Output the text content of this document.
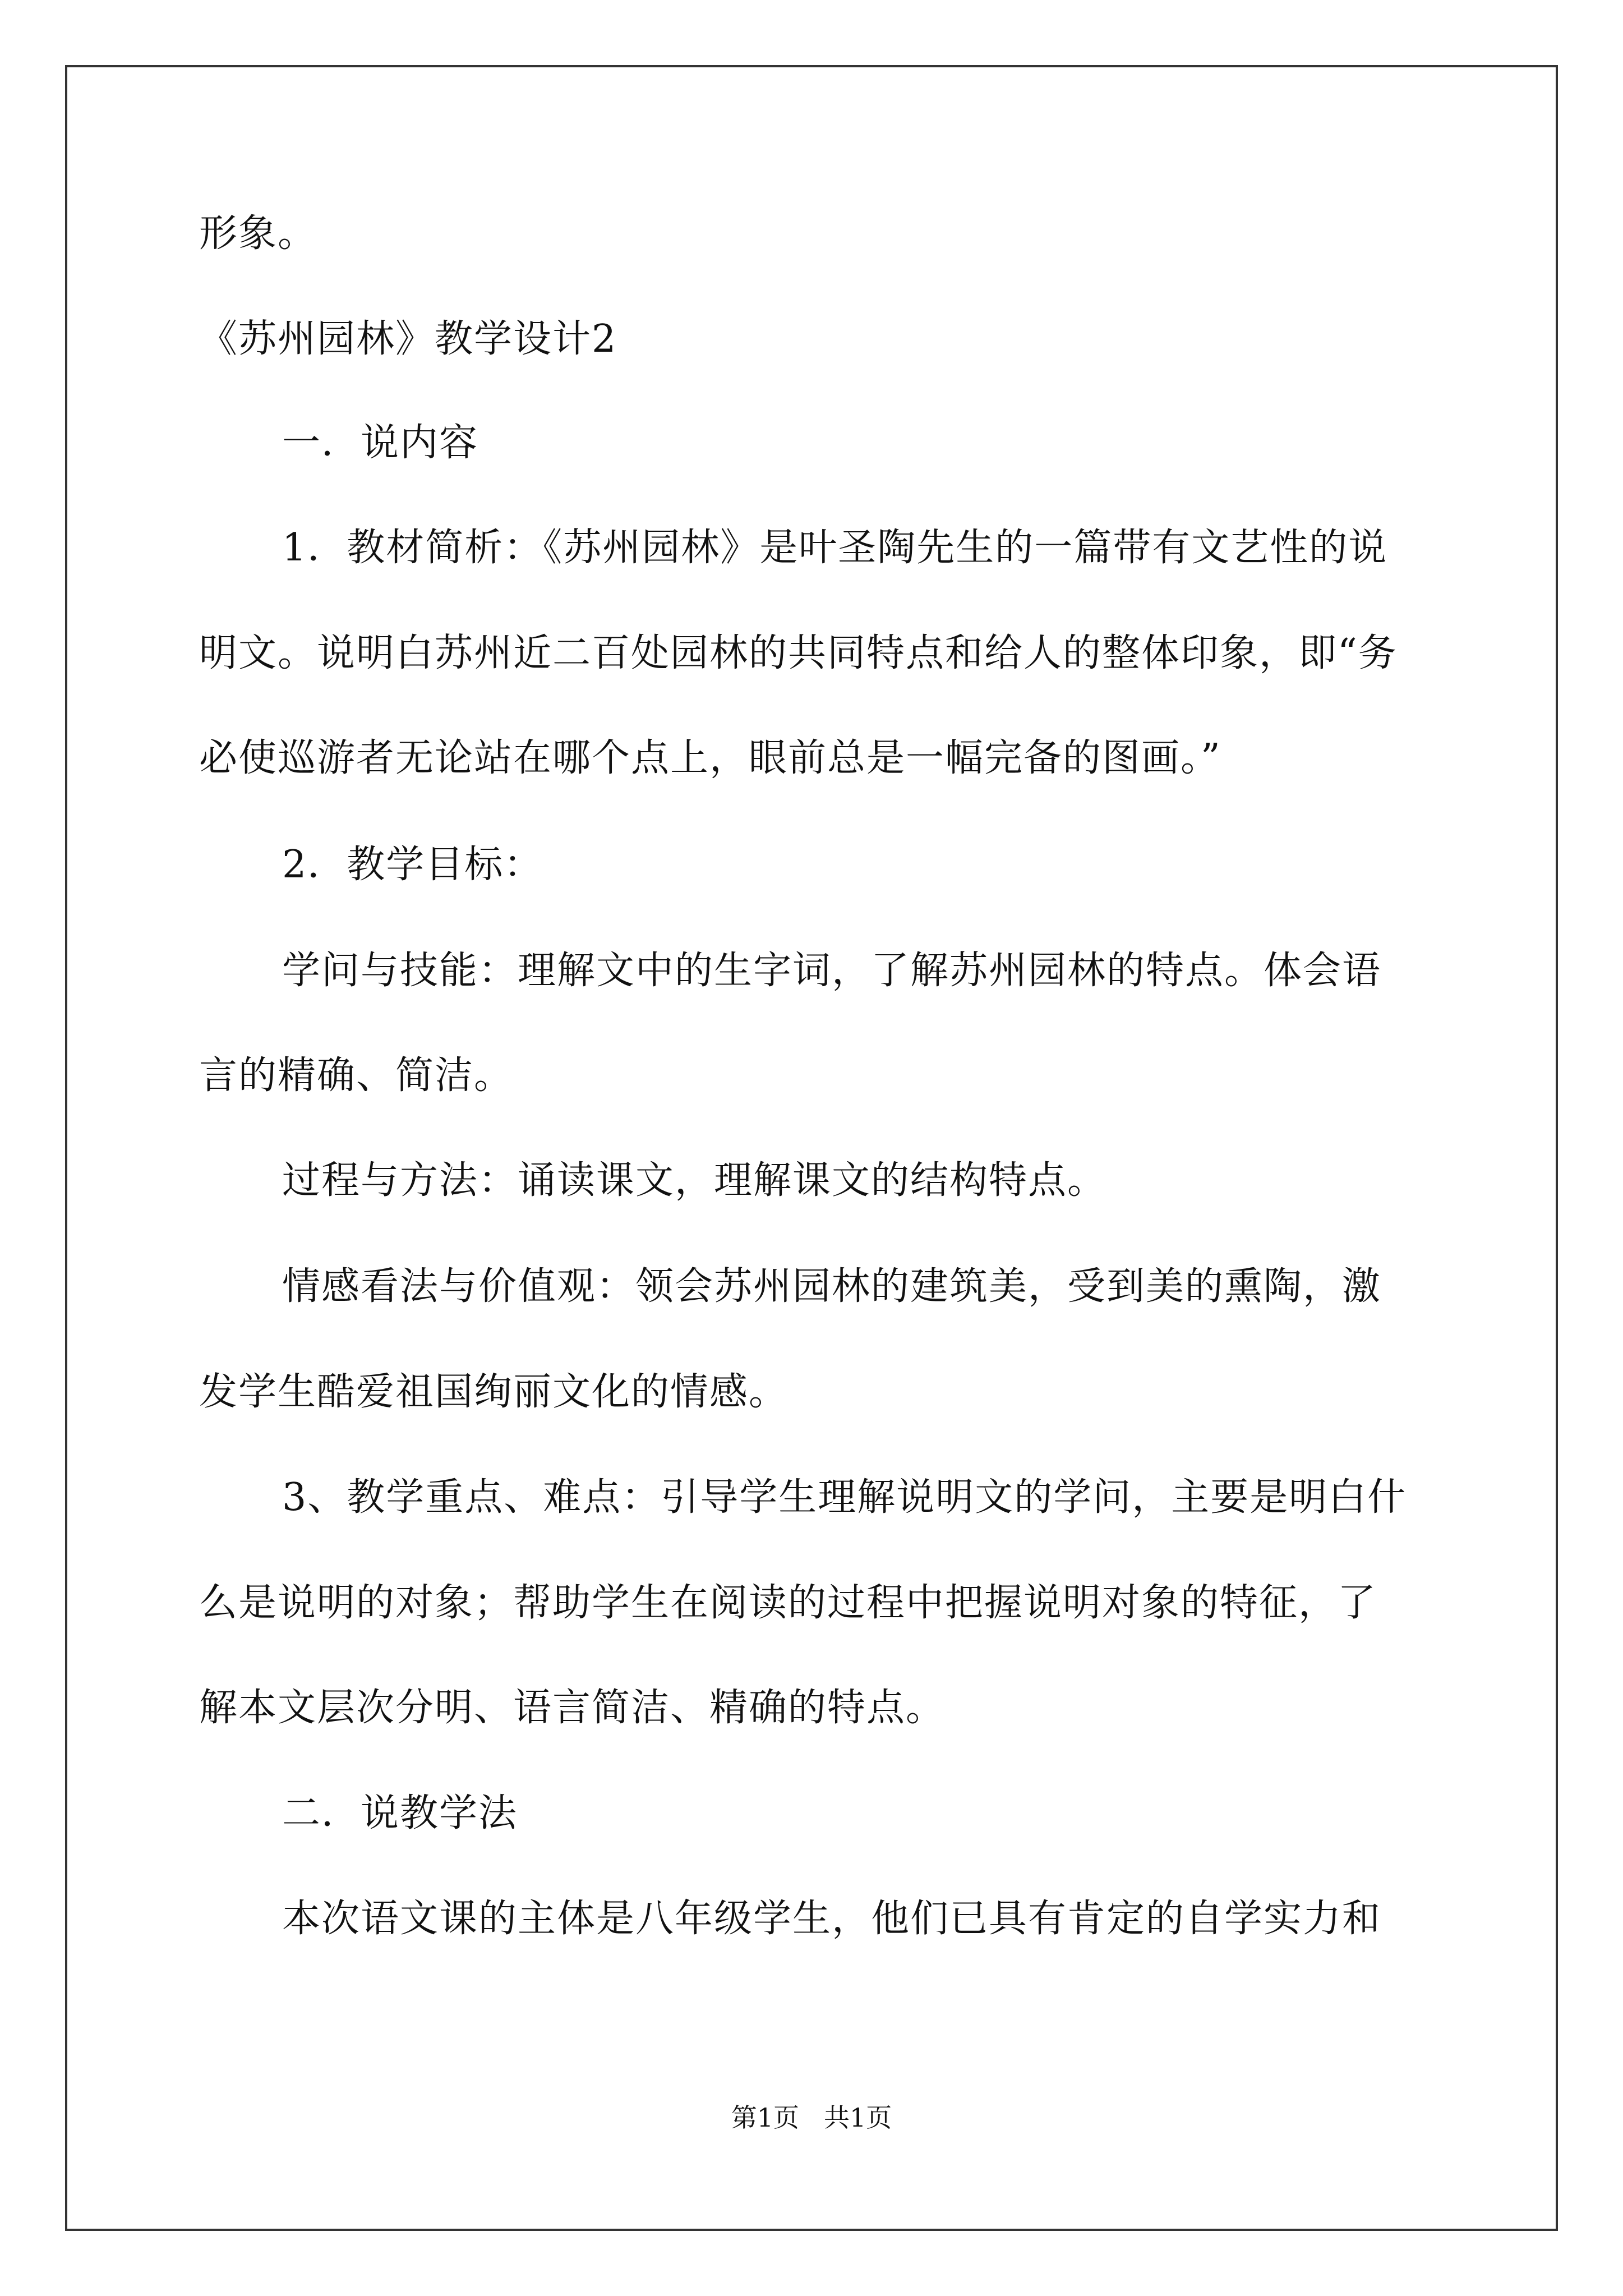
形象。

《苏州园林》教学设计2

一．说内容

1．教材简析：《苏州园林》是叶圣陶先生的一篇带有文艺性的说

明文。说明白苏州近二百处园林的共同特点和给人的整体印象，即“务

必使巡游者无论站在哪个点上，眼前总是一幅完备的图画。”

2．教学目标：

学问与技能：理解文中的生字词，了解苏州园林的特点。体会语

言的精确、简洁。

过程与方法：诵读课文，理解课文的结构特点。

情感看法与价值观：领会苏州园林的建筑美，受到美的熏陶，激

发学生酷爱祖国绚丽文化的情感。

3、教学重点、难点：引导学生理解说明文的学问，主要是明白什

么是说明的对象；帮助学生在阅读的过程中把握说明对象的特征，了

解本文层次分明、语言简洁、精确的特点。

二．说教学法

本次语文课的主体是八年级学生，他们已具有肯定的自学实力和

第1页 共1页
